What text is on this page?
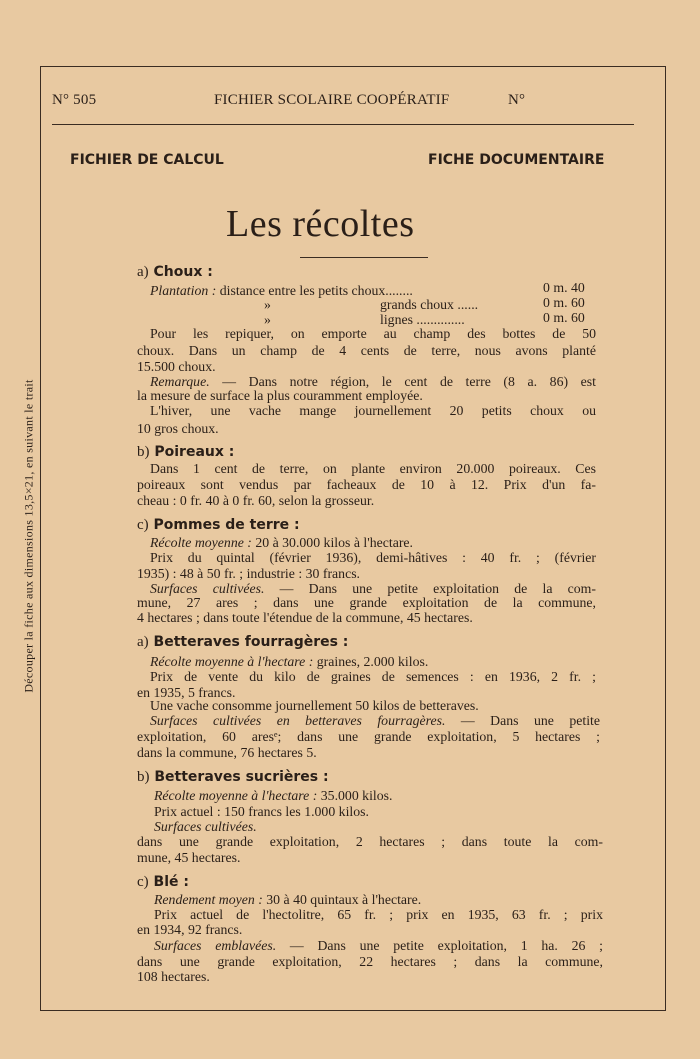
N° 505	FICHIER SCOLAIRE COOPÉRATIF	N°
FICHIER DE CALCUL	FICHE DOCUMENTAIRE
Les récoltes
Découper la fiche aux dimensions 13,5×21, en suivant le trait
a) Choux :
Plantation : distance entre les petits choux........	0 m. 40
»	grands choux ......	0 m. 60
»	lignes ..............	0 m. 60
Pour les repiquer, on emporte au champ des bottes de 50
choux. Dans un champ de 4 cents de terre, nous avons planté
15.500 choux.
Remarque. — Dans notre région, le cent de terre (8 a. 86) est
la mesure de surface la plus couramment employée.
L'hiver, une vache mange journellement 20 petits choux ou
10 gros choux.
b) Poireaux :
Dans 1 cent de terre, on plante environ 20.000 poireaux. Ces
poireaux sont vendus par facheaux de 10 à 12. Prix d'un fa-
cheau : 0 fr. 40 à 0 fr. 60, selon la grosseur.
c) Pommes de terre :
Récolte moyenne : 20 à 30.000 kilos à l'hectare.
Prix du quintal (février 1936), demi-hâtives : 40 fr. ; (février
1935) : 48 à 50 fr. ; industrie : 30 francs.
Surfaces cultivées. — Dans une petite exploitation de la com-
mune, 27 ares ; dans une grande exploitation de la commune,
4 hectares ; dans toute l'étendue de la commune, 45 hectares.
a) Betteraves fourragères :
Récolte moyenne à l'hectare : graines, 2.000 kilos.
Prix de vente du kilo de graines de semences : en 1936, 2 fr. ;
en 1935, 5 francs.
Une vache consomme journellement 50 kilos de betteraves.
Surfaces cultivées en betteraves fourragères. — Dans une petite
exploitation, 60 aresᵉ; dans une grande exploitation, 5 hectares ;
dans la commune, 76 hectares 5.
b) Betteraves sucrières :
Récolte moyenne à l'hectare : 35.000 kilos.
Prix actuel : 150 francs les 1.000 kilos.
Surfaces cultivées.
dans une grande exploitation, 2 hectares ; dans toute la com-
mune, 45 hectares.
c) Blé :
Rendement moyen : 30 à 40 quintaux à l'hectare.
Prix actuel de l'hectolitre, 65 fr. ; prix en 1935, 63 fr. ; prix
en 1934, 92 francs.
Surfaces emblavées. — Dans une petite exploitation, 1 ha. 26 ;
dans une grande exploitation, 22 hectares ; dans la commune,
108 hectares.
